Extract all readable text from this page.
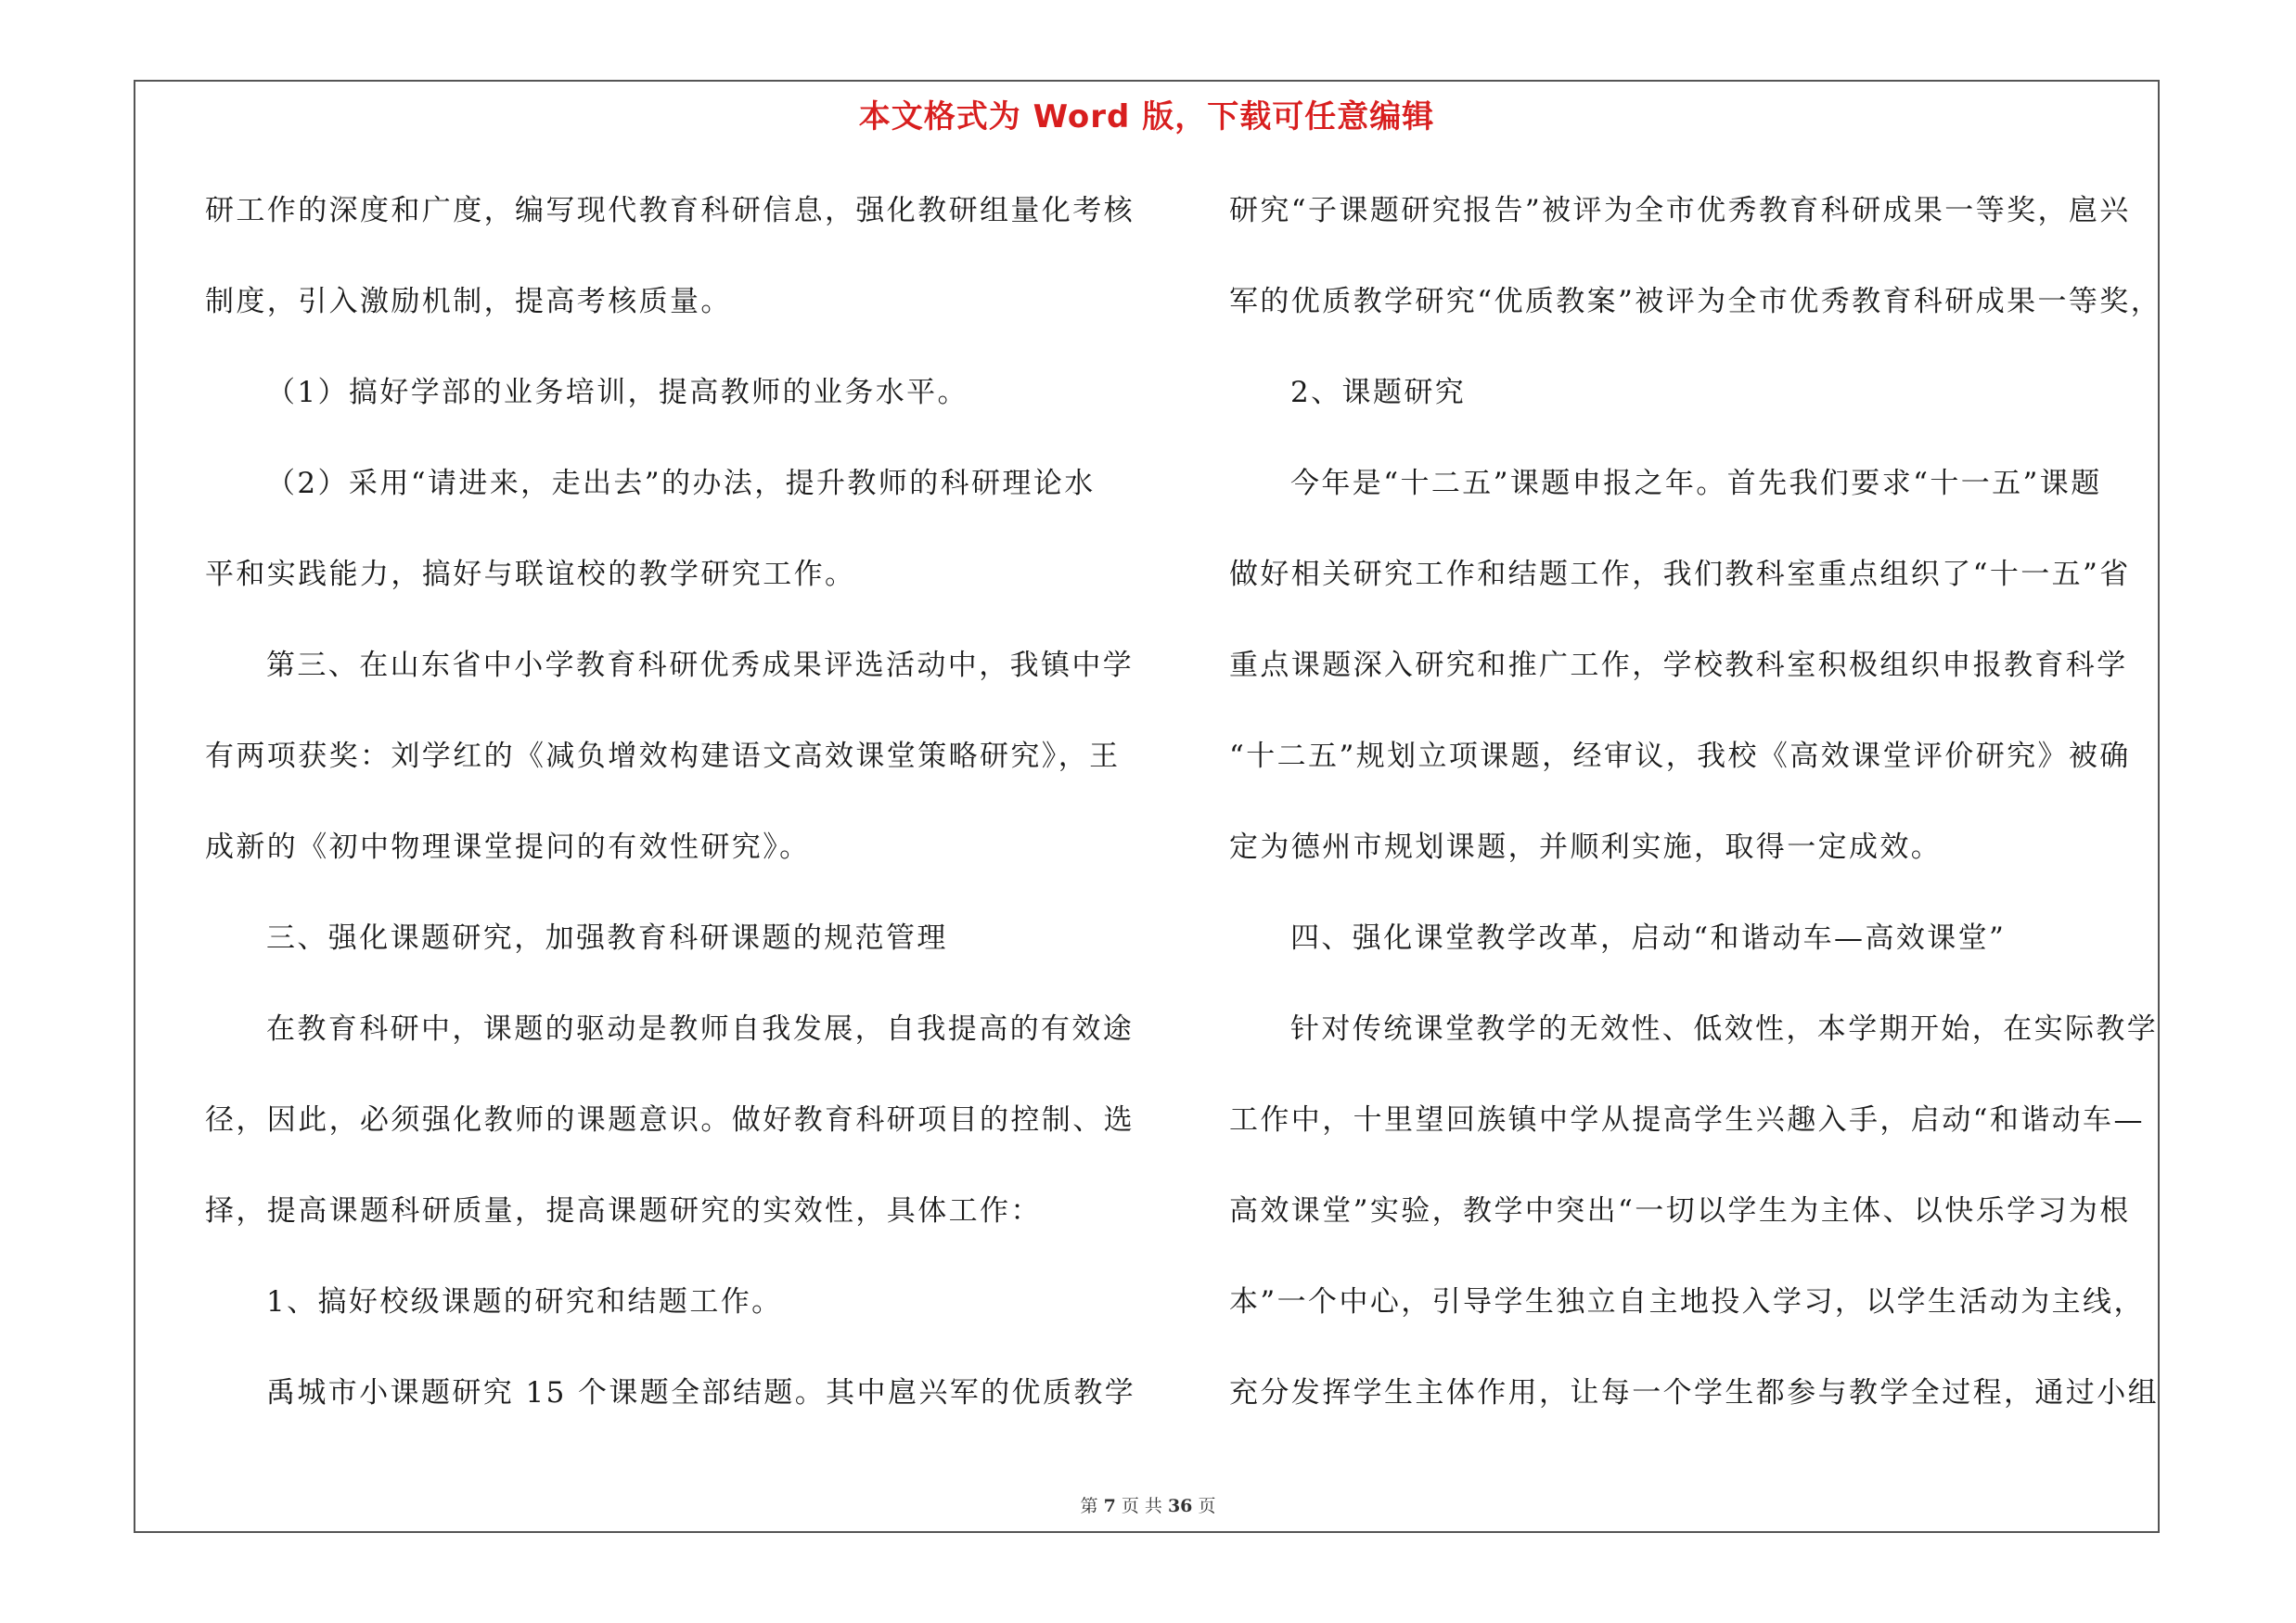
本文格式为 Word 版，下载可任意编辑
研工作的深度和广度，编写现代教育科研信息，强化教研组量化考核
制度，引入激励机制，提高考核质量。
（1）搞好学部的业务培训，提高教师的业务水平。
（2）采用“请进来，走出去”的办法，提升教师的科研理论水
平和实践能力，搞好与联谊校的教学研究工作。
第三、在山东省中小学教育科研优秀成果评选活动中，我镇中学
有两项获奖：刘学红的《减负增效构建语文高效课堂策略研究》，王
成新的《初中物理课堂提问的有效性研究》。
三、强化课题研究，加强教育科研课题的规范管理
在教育科研中，课题的驱动是教师自我发展，自我提高的有效途
径，因此，必须强化教师的课题意识。做好教育科研项目的控制、选
择，提高课题科研质量，提高课题研究的实效性，具体工作：
1、搞好校级课题的研究和结题工作。
禹城市小课题研究 15 个课题全部结题。其中扈兴军的优质教学
研究“子课题研究报告”被评为全市优秀教育科研成果一等奖，扈兴
军的优质教学研究“优质教案”被评为全市优秀教育科研成果一等奖，
2、课题研究
今年是“十二五”课题申报之年。首先我们要求“十一五”课题
做好相关研究工作和结题工作，我们教科室重点组织了“十一五”省
重点课题深入研究和推广工作，学校教科室积极组织申报教育科学
“十二五”规划立项课题，经审议，我校《高效课堂评价研究》被确
定为德州市规划课题，并顺利实施，取得一定成效。
四、强化课堂教学改革，启动“和谐动车—高效课堂”
针对传统课堂教学的无效性、低效性，本学期开始，在实际教学
工作中，十里望回族镇中学从提高学生兴趣入手，启动“和谐动车—
高效课堂”实验，教学中突出“一切以学生为主体、以快乐学习为根
本”一个中心，引导学生独立自主地投入学习，以学生活动为主线，
充分发挥学生主体作用，让每一个学生都参与教学全过程，通过小组
第 7 页 共 36 页
